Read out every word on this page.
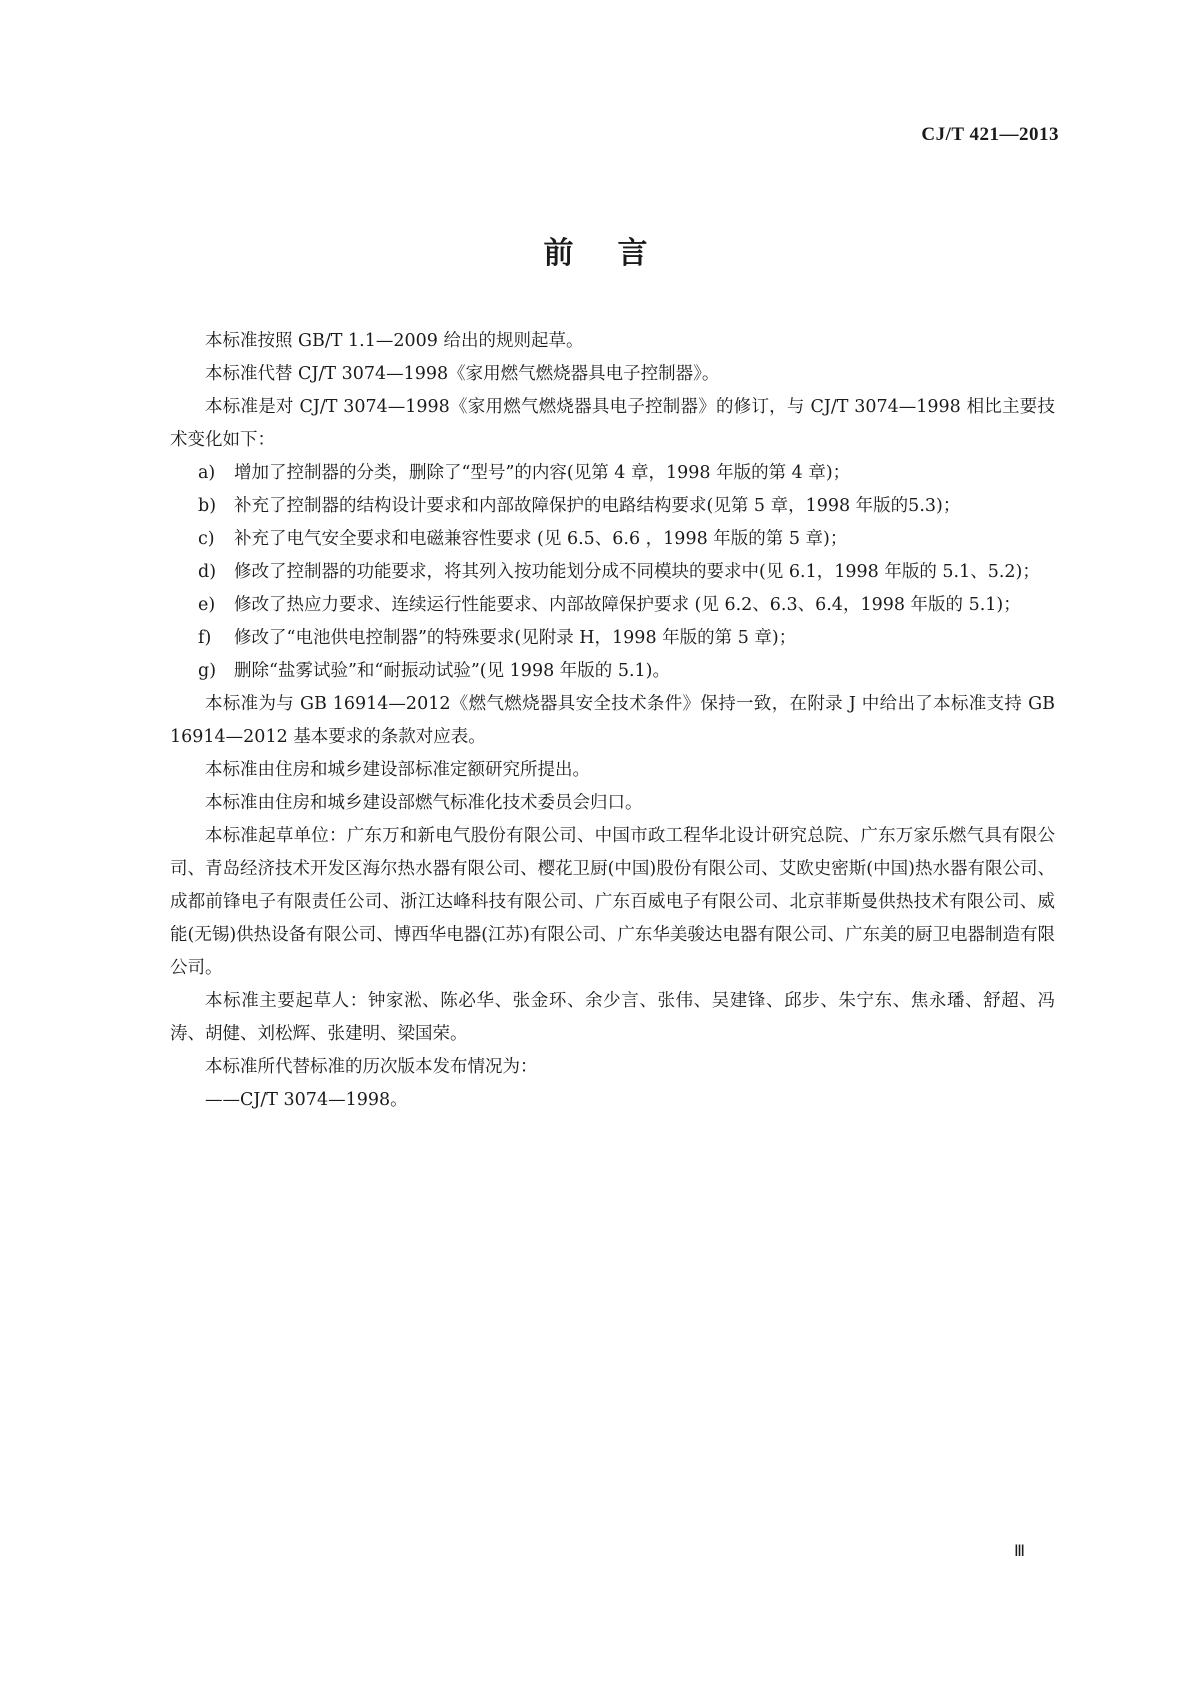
CJ/T 421—2013
前言

本标准按照 GB/T 1.1—2009 给出的规则起草。

本标准代替 CJ/T 3074—1998《家用燃气燃烧器具电子控制器》。

本标准是对 CJ/T 3074—1998《家用燃气燃烧器具电子控制器》的修订，与 CJ/T 3074—1998 相比主要技术变化如下：

a) 增加了控制器的分类，删除了“型号”的内容(见第 4 章，1998 年版的第 4 章)；
b) 补充了控制器的结构设计要求和内部故障保护的电路结构要求(见第 5 章，1998 年版的5.3)；
c) 补充了电气安全要求和电磁兼容性要求 (见 6.5、6.6 ，1998 年版的第 5 章)；
d) 修改了控制器的功能要求，将其列入按功能划分成不同模块的要求中(见 6.1，1998 年版的 5.1、5.2)；
e) 修改了热应力要求、连续运行性能要求、内部故障保护要求 (见 6.2、6.3、6.4，1998 年版的 5.1)；
f) 修改了“电池供电控制器”的特殊要求(见附录 H，1998 年版的第 5 章)；
g) 删除“盐雾试验”和“耐振动试验”(见 1998 年版的 5.1)。

本标准为与 GB 16914—2012《燃气燃烧器具安全技术条件》保持一致，在附录 J 中给出了本标准支持 GB 16914—2012 基本要求的条款对应表。

本标准由住房和城乡建设部标准定额研究所提出。

本标准由住房和城乡建设部燃气标准化技术委员会归口。

本标准起草单位：广东万和新电气股份有限公司、中国市政工程华北设计研究总院、广东万家乐燃气具有限公司、青岛经济技术开发区海尔热水器有限公司、樱花卫厨(中国)股份有限公司、艾欧史密斯(中国)热水器有限公司、成都前锋电子有限责任公司、浙江达峰科技有限公司、广东百威电子有限公司、北京菲斯曼供热技术有限公司、威能(无锡)供热设备有限公司、博西华电器(江苏)有限公司、广东华美骏达电器有限公司、广东美的厨卫电器制造有限公司。

本标准主要起草人：钟家淞、陈必华、张金环、余少言、张伟、吴建锋、邱步、朱宁东、焦永璠、舒超、冯涛、胡健、刘松辉、张建明、梁国荣。

本标准所代替标准的历次版本发布情况为：

——CJ/T 3074—1998。

Ⅲ
